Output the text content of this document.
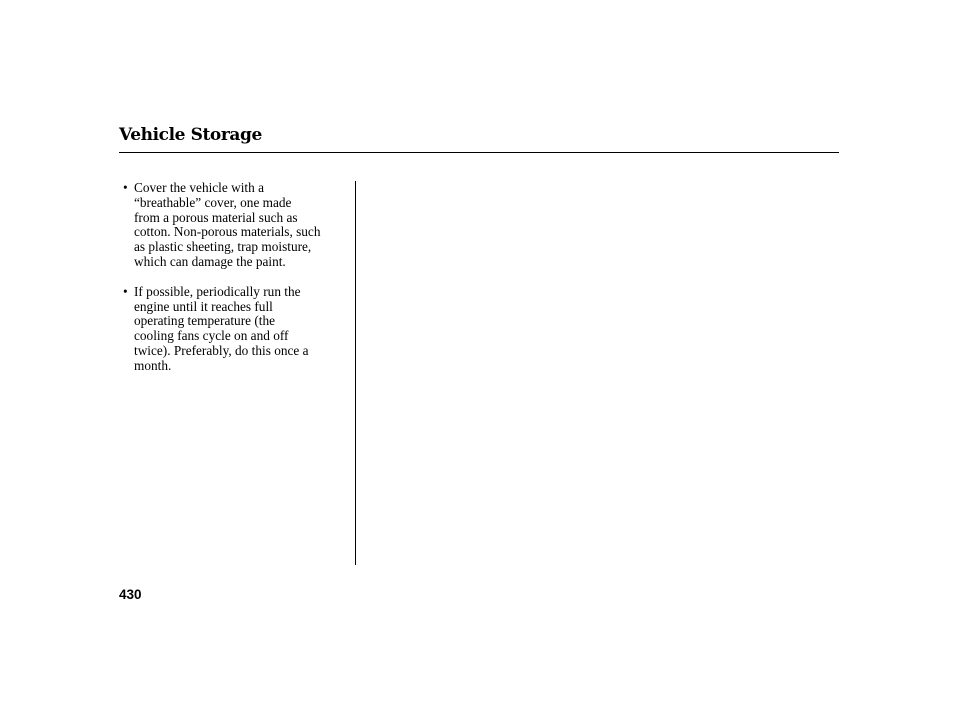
Vehicle Storage
• Cover the vehicle with a
“breathable” cover, one made
from a porous material such as
cotton. Non-porous materials, such
as plastic sheeting, trap moisture,
which can damage the paint.
• If possible, periodically run the
engine until it reaches full
operating temperature (the
cooling fans cycle on and off
twice). Preferably, do this once a
month.
430
